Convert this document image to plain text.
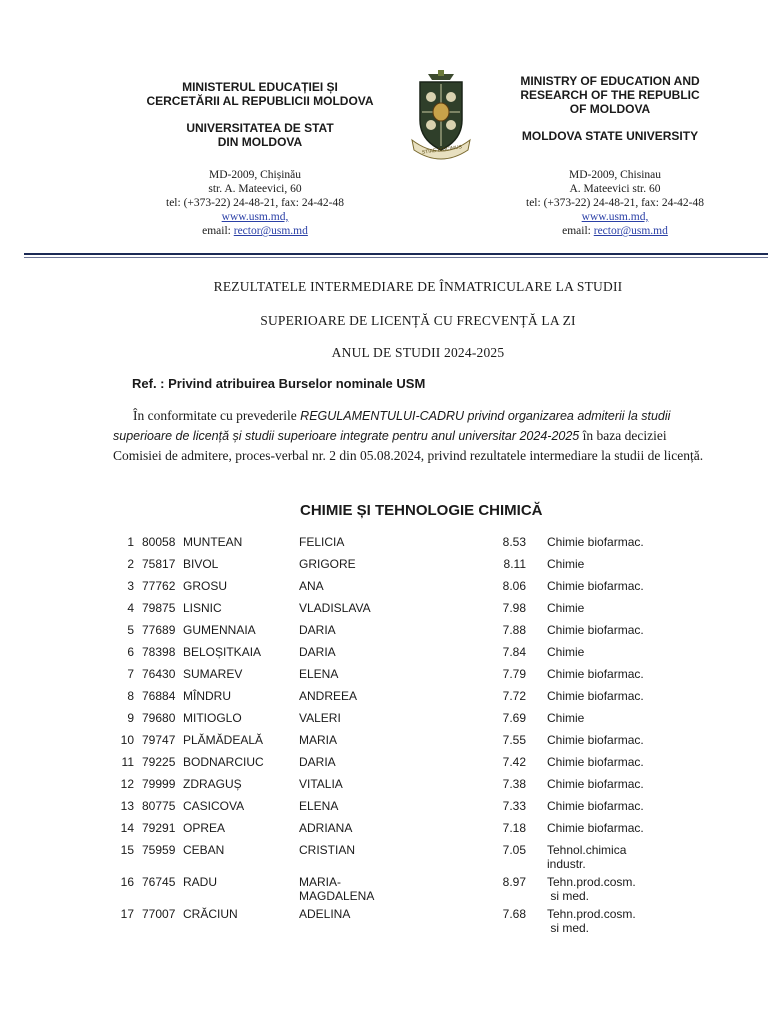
MINISTERUL EDUCAȚIEI ȘI
CERCETĂRII AL REPUBLICII MOLDOVA
UNIVERSITATEA DE STAT
DIN MOLDOVA
STIAE DISCIMUS
MINISTRY OF EDUCATION AND
RESEARCH OF THE REPUBLIC
OF MOLDOVA
MOLDOVA STATE UNIVERSITY
MD-2009, Chișinău
str. A. Mateevici, 60
tel: (+373-22) 24-48-21, fax: 24-42-48
www.usm.md,
email: rector@usm.md
MD-2009, Chisinau
A. Mateevici str. 60
tel: (+373-22) 24-48-21, fax: 24-42-48
www.usm.md,
email: rector@usm.md
REZULTATELE INTERMEDIARE DE ÎNMATRICULARE LA STUDII
SUPERIOARE DE LICENȚĂ CU FRECVENȚĂ LA ZI
ANUL DE STUDII 2024-2025
Ref. : Privind atribuirea Burselor nominale USM
În conformitate cu prevederile REGULAMENTULUI-CADRU privind organizarea admiterii la studii superioare de licență și studii superioare integrate pentru anul universitar 2024-2025 în baza deciziei Comisiei de admitere, proces-verbal nr. 2 din 05.08.2024, privind rezultatele intermediare la studii de licență.
CHIMIE ȘI TEHNOLOGIE CHIMICĂ
1 80058 MUNTEAN	FELICIA	8.53 Chimie biofarmac.
2 75817 BIVOL	GRIGORE	8.11 Chimie
3 77762 GROSU	ANA	8.06 Chimie biofarmac.
4 79875 LISNIC	VLADISLAVA	7.98 Chimie
5 77689 GUMENNAIA	DARIA	7.88 Chimie biofarmac.
6 78398 BELOȘITKAIA	DARIA	7.84 Chimie
7 76430 SUMAREV	ELENA	7.79 Chimie biofarmac.
8 76884 MÎNDRU	ANDREEA	7.72 Chimie biofarmac.
9 79680 MITIOGLO	VALERI	7.69 Chimie
10 79747 PLĂMĂDEALĂ	MARIA	7.55 Chimie biofarmac.
11 79225 BODNARCIUC	DARIA	7.42 Chimie biofarmac.
12 79999 ZDRAGUȘ	VITALIA	7.38 Chimie biofarmac.
13 80775 CASICOVA	ELENA	7.33 Chimie biofarmac.
14 79291 OPREA	ADRIANA	7.18 Chimie biofarmac.
15 75959 CEBAN	CRISTIAN	7.05 Tehnol.chimica
industr.
16 76745 RADU	MARIA-
MAGDALENA
8.97 Tehn.prod.cosm.
si med.
17 77007 CRĂCIUN	ADELINA	7.68 Tehn.prod.cosm.
si med.
